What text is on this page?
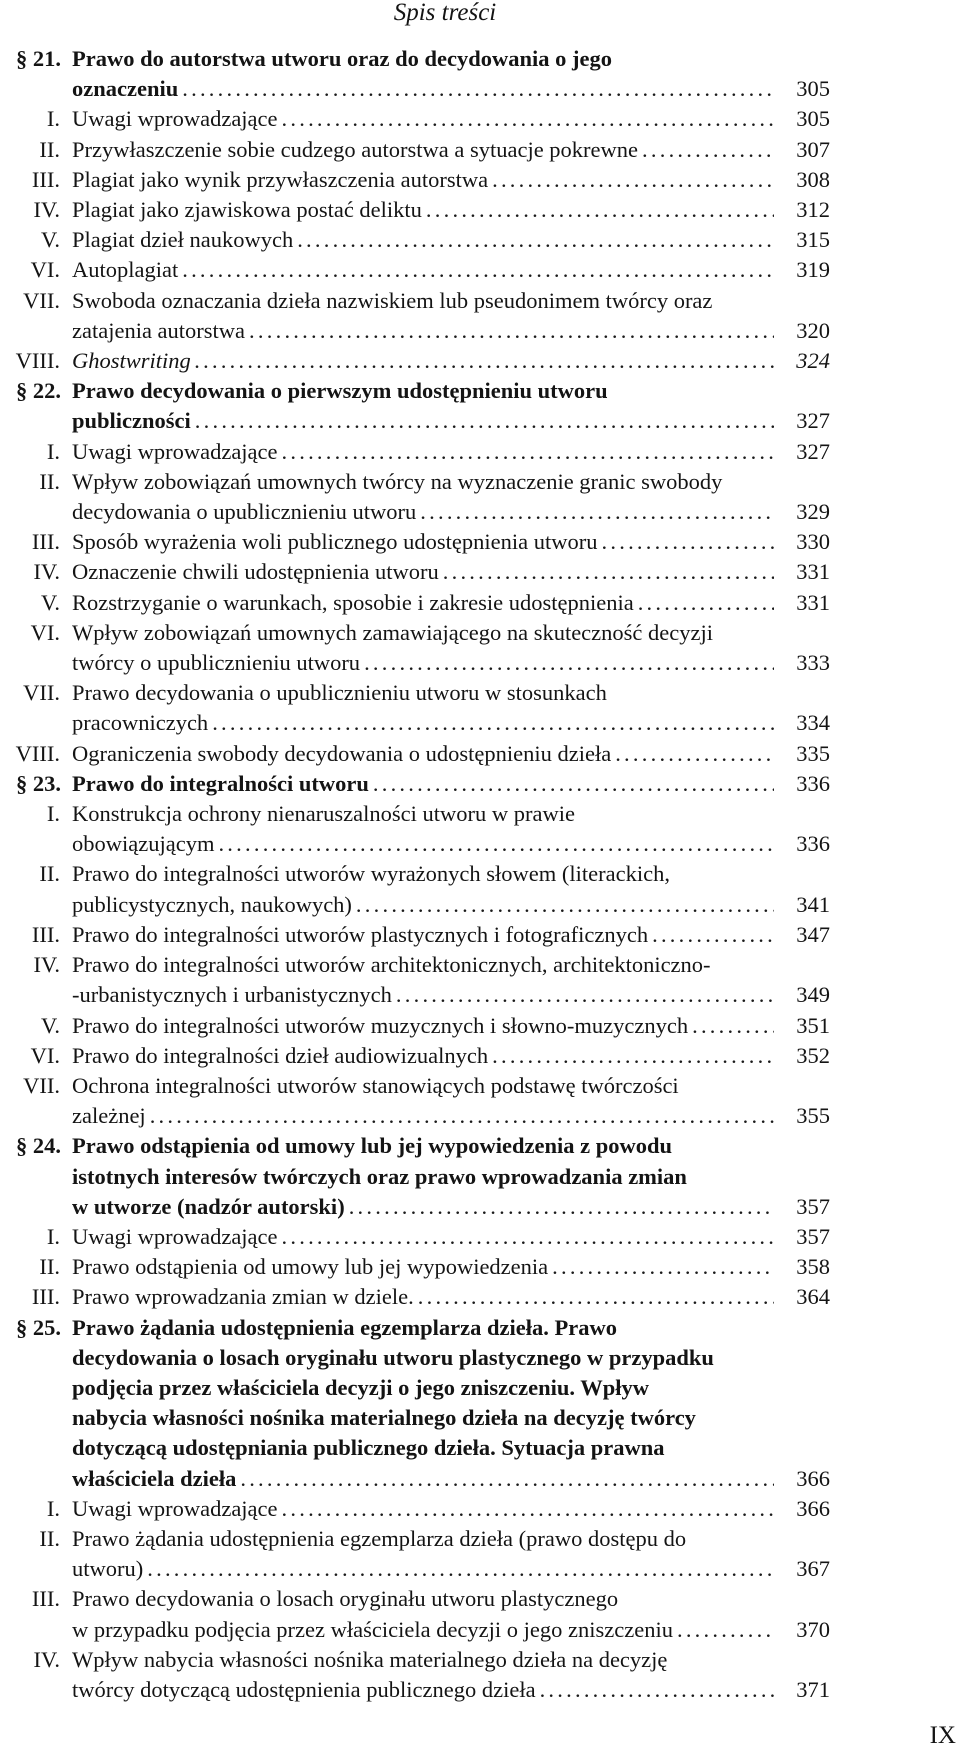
Spis treści
§ 21. Prawo do autorstwa utworu oraz do decydowania o jego
oznaczeniu . . .	305
I. Uwagi wprowadzające . . .	305
II. Przywłaszczenie sobie cudzego autorstwa a sytuacje pokrewne . . .	307
III. Plagiat jako wynik przywłaszczenia autorstwa . . .	308
IV. Plagiat jako zjawiskowa postać deliktu . . .	312
V. Plagiat dzieł naukowych . . .	315
VI. Autoplagiat . . .	319
VII. Swoboda oznaczania dzieła nazwiskiem lub pseudonimem twórcy oraz
zatajenia autorstwa . . .	320
VIII. Ghostwriting . . .	324
§ 22. Prawo decydowania o pierwszym udostępnieniu utworu
publiczności . . .	327
I. Uwagi wprowadzające . . .	327
II. Wpływ zobowiązań umownych twórcy na wyznaczenie granic swobody
decydowania o upublicznieniu utworu . . .	329
III. Sposób wyrażenia woli publicznego udostępnienia utworu . . .	330
IV. Oznaczenie chwili udostępnienia utworu . . .	331
V. Rozstrzyganie o warunkach, sposobie i zakresie udostępnienia . . .	331
VI. Wpływ zobowiązań umownych zamawiającego na skuteczność decyzji
twórcy o upublicznieniu utworu . . .	333
VII. Prawo decydowania o upublicznieniu utworu w stosunkach
pracowniczych . . .	334
VIII. Ograniczenia swobody decydowania o udostępnieniu dzieła . . .	335
§ 23. Prawo do integralności utworu . . .	336
I. Konstrukcja ochrony nienaruszalności utworu w prawie
obowiązującym . . .	336
II. Prawo do integralności utworów wyrażonych słowem (literackich,
publicystycznych, naukowych) . . .	341
III. Prawo do integralności utworów plastycznych i fotograficznych . . .	347
IV. Prawo do integralności utworów architektonicznych, architektoniczno-
-urbanistycznych i urbanistycznych . . .	349
V. Prawo do integralności utworów muzycznych i słowno-muzycznych . . .	351
VI. Prawo do integralności dzieł audiowizualnych . . .	352
VII. Ochrona integralności utworów stanowiących podstawę twórczości
zależnej . . .	355
§ 24. Prawo odstąpienia od umowy lub jej wypowiedzenia z powodu
istotnych interesów twórczych oraz prawo wprowadzania zmian
w utworze (nadzór autorski) . . .	357
I. Uwagi wprowadzające . . .	357
II. Prawo odstąpienia od umowy lub jej wypowiedzenia . . .	358
III. Prawo wprowadzania zmian w dziele. . . .	364
§ 25. Prawo żądania udostępnienia egzemplarza dzieła. Prawo
decydowania o losach oryginału utworu plastycznego w przypadku
podjęcia przez właściciela decyzji o jego zniszczeniu. Wpływ
nabycia własności nośnika materialnego dzieła na decyzję twórcy
dotyczącą udostępniania publicznego dzieła. Sytuacja prawna
właściciela dzieła . . .	366
I. Uwagi wprowadzające . . .	366
II. Prawo żądania udostępnienia egzemplarza dzieła (prawo dostępu do
utworu) . . .	367
III. Prawo decydowania o losach oryginału utworu plastycznego
w przypadku podjęcia przez właściciela decyzji o jego zniszczeniu . . .	370
IV. Wpływ nabycia własności nośnika materialnego dzieła na decyzję
twórcy dotyczącą udostępnienia publicznego dzieła . . .	371
IX
